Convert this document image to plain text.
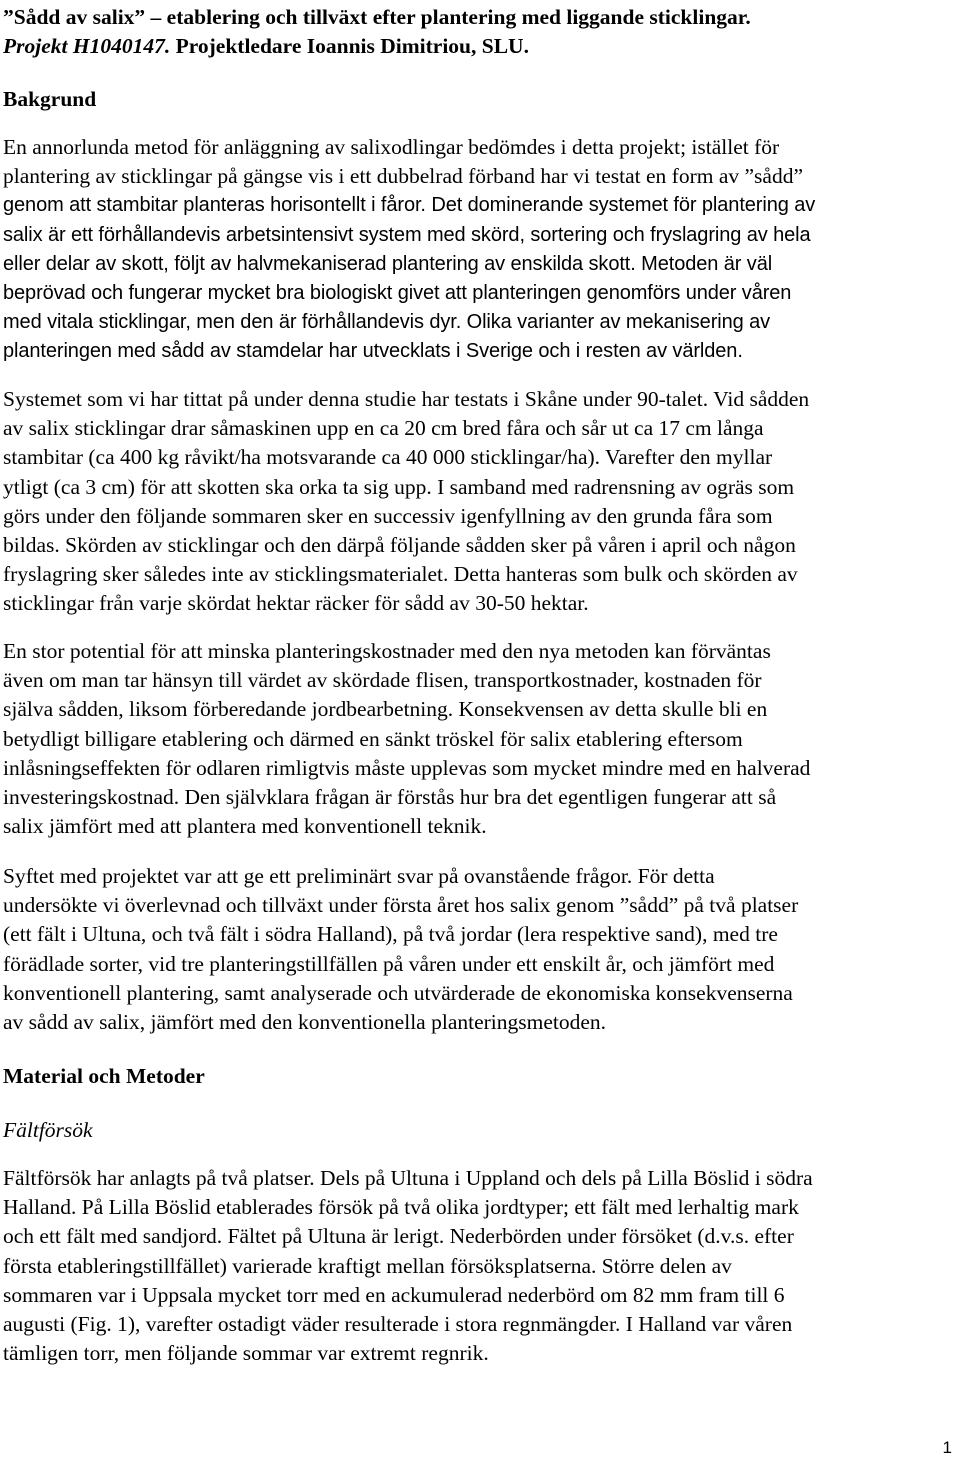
”Sådd av salix” – etablering och tillväxt efter plantering med liggande sticklingar.
Projekt H1040147. Projektledare Ioannis Dimitriou, SLU.
Bakgrund
En annorlunda metod för anläggning av salixodlingar bedömdes i detta projekt; istället för
plantering av sticklingar på gängse vis i ett dubbelrad förband har vi testat en form av ”sådd”
genom att stambitar planteras horisontellt i fåror. Det dominerande systemet för plantering av
salix är ett förhållandevis arbetsintensivt system med skörd, sortering och fryslagring av hela
eller delar av skott, följt av halvmekaniserad plantering av enskilda skott. Metoden är väl
beprövad och fungerar mycket bra biologiskt givet att planteringen genomförs under våren
med vitala sticklingar, men den är förhållandevis dyr. Olika varianter av mekanisering av
planteringen med sådd av stamdelar har utvecklats i Sverige och i resten av världen.
Systemet som vi har tittat på under denna studie har testats i Skåne under 90-talet. Vid sådden
av salix sticklingar drar såmaskinen upp en ca 20 cm bred fåra och sår ut ca 17 cm långa
stambitar (ca 400 kg råvikt/ha motsvarande ca 40 000 sticklingar/ha). Varefter den myllar
ytligt (ca 3 cm) för att skotten ska orka ta sig upp. I samband med radrensning av ogräs som
görs under den följande sommaren sker en successiv igenfyllning av den grunda fåra som
bildas. Skörden av sticklingar och den därpå följande sådden sker på våren i april och någon
fryslagring sker således inte av sticklingsmaterialet. Detta hanteras som bulk och skörden av
sticklingar från varje skördat hektar räcker för sådd av 30-50 hektar.
En stor potential för att minska planteringskostnader med den nya metoden kan förväntas
även om man tar hänsyn till värdet av skördade flisen, transportkostnader, kostnaden för
själva sådden, liksom förberedande jordbearbetning. Konsekvensen av detta skulle bli en
betydligt billigare etablering och därmed en sänkt tröskel för salix etablering eftersom
inlåsningseffekten för odlaren rimligtvis måste upplevas som mycket mindre med en halverad
investeringskostnad. Den självklara frågan är förstås hur bra det egentligen fungerar att så
salix jämfört med att plantera med konventionell teknik.
Syftet med projektet var att ge ett preliminärt svar på ovanstående frågor. För detta
undersökte vi överlevnad och tillväxt under första året hos salix genom ”sådd” på två platser
(ett fält i Ultuna, och två fält i södra Halland), på två jordar (lera respektive sand), med tre
förädlade sorter, vid tre planteringstillfällen på våren under ett enskilt år, och jämfört med
konventionell plantering, samt analyserade och utvärderade de ekonomiska konsekvenserna
av sådd av salix, jämfört med den konventionella planteringsmetoden.
Material och Metoder
Fältförsök
Fältförsök har anlagts på två platser. Dels på Ultuna i Uppland och dels på Lilla Böslid i södra
Halland. På Lilla Böslid etablerades försök på två olika jordtyper; ett fält med lerhaltig mark
och ett fält med sandjord. Fältet på Ultuna är lerigt. Nederbörden under försöket (d.v.s. efter
första etableringstillfället) varierade kraftigt mellan försöksplatserna. Större delen av
sommaren var i Uppsala mycket torr med en ackumulerad nederbörd om 82 mm fram till 6
augusti (Fig. 1), varefter ostadigt väder resulterade i stora regnmängder. I Halland var våren
tämligen torr, men följande sommar var extremt regnrik.
1
